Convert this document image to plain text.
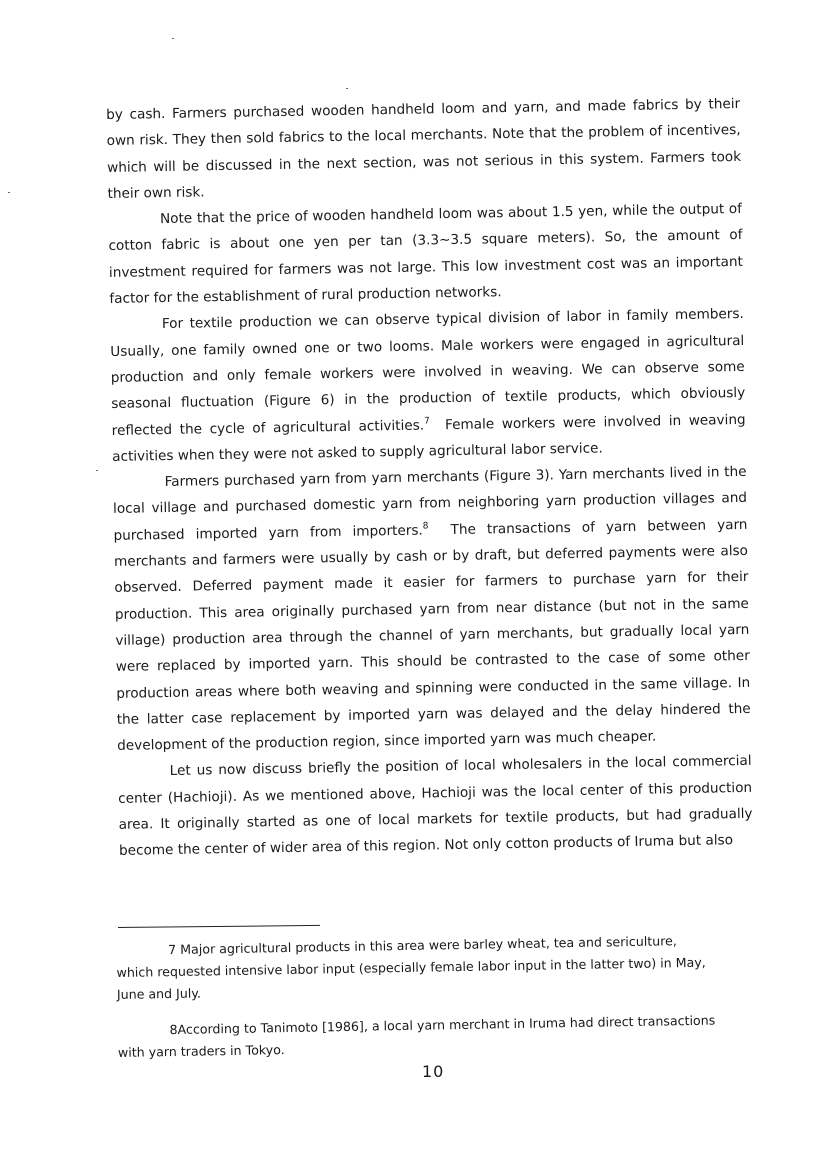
by cash. Farmers purchased wooden handheld loom and yarn, and made fabrics by their own risk. They then sold fabrics to the local merchants. Note that the problem of incentives, which will be discussed in the next section, was not serious in this system. Farmers took their own risk.

Note that the price of wooden handheld loom was about 1.5 yen, while the output of cotton fabric is about one yen per tan (3.3~3.5 square meters). So, the amount of investment required for farmers was not large. This low investment cost was an important factor for the establishment of rural production networks.

For textile production we can observe typical division of labor in family members. Usually, one family owned one or two looms. Male workers were engaged in agricultural production and only female workers were involved in weaving. We can observe some seasonal fluctuation (Figure 6) in the production of textile products, which obviously reflected the cycle of agricultural activities.$^7$ Female workers were involved in weaving activities when they were not asked to supply agricultural labor service.

Farmers purchased yarn from yarn merchants (Figure 3). Yarn merchants lived in the local village and purchased domestic yarn from neighboring yarn production villages and purchased imported yarn from importers.$^8$ The transactions of yarn between yarn merchants and farmers were usually by cash or by draft, but deferred payments were also observed. Deferred payment made it easier for farmers to purchase yarn for their production. This area originally purchased yarn from near distance (but not in the same village) production area through the channel of yarn merchants, but gradually local yarn were replaced by imported yarn. This should be contrasted to the case of some other production areas where both weaving and spinning were conducted in the same village. In the latter case replacement by imported yarn was delayed and the delay hindered the development of the production region, since imported yarn was much cheaper.

Let us now discuss briefly the position of local wholesalers in the local commercial center (Hachioji). As we mentioned above, Hachioji was the local center of this production area. It originally started as one of local markets for textile products, but had gradually become the center of wider area of this region. Not only cotton products of Iruma but also

7 Major agricultural products in this area were barley wheat, tea and sericulture, which requested intensive labor input (especially female labor input in the latter two) in May, June and July.

8According to Tanimoto [1986], a local yarn merchant in Iruma had direct transactions with yarn traders in Tokyo.

10
